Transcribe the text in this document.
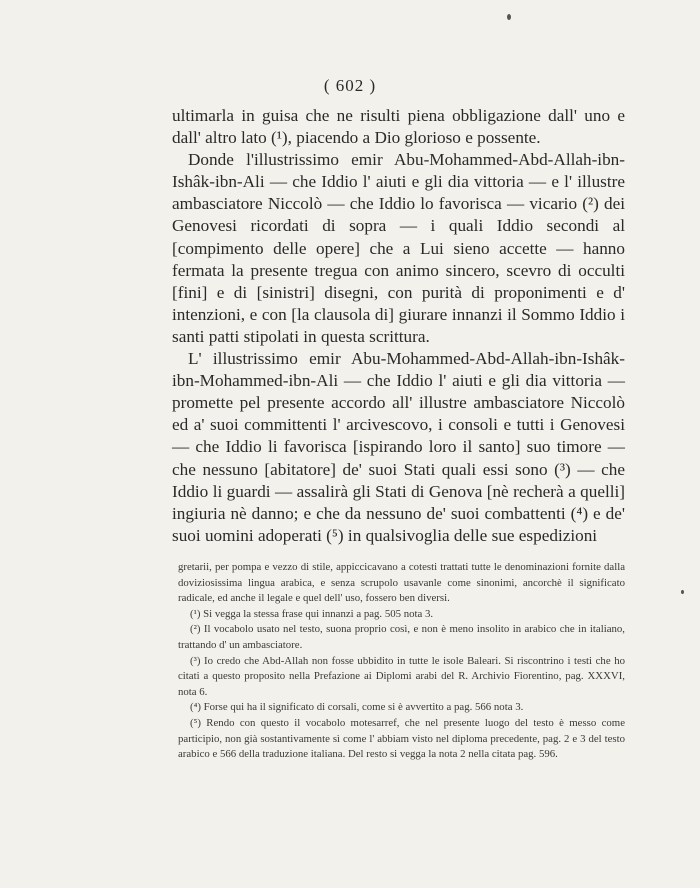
( 602 )

ultimarla in guisa che ne risulti piena obbligazione dall' uno e dall' altro lato (¹), piacendo a Dio glorioso e possente.

Donde l'illustrissimo emir Abu-Mohammed-Abd-Allah-ibn-Ishâk-ibn-Ali — che Iddio l' aiuti e gli dia vittoria — e l' illustre ambasciatore Niccolò — che Iddio lo favorisca — vicario (²) dei Genovesi ricordati di sopra — i quali Iddio secondi al [compimento delle opere] che a Lui sieno accette — hanno fermata la presente tregua con animo sincero, scevro di occulti [fini] e di [sinistri] disegni, con purità di proponimenti e d' intenzioni, e con [la clausola di] giurare innanzi il Sommo Iddio i santi patti stipolati in questa scrittura.

L' illustrissimo emir Abu-Mohammed-Abd-Allah-ibn-Ishâk-ibn-Mohammed-ibn-Ali — che Iddio l' aiuti e gli dia vittoria — promette pel presente accordo all' illustre ambasciatore Niccolò ed a' suoi committenti l' arcivescovo, i consoli e tutti i Genovesi — che Iddio li favorisca [ispirando loro il santo] suo timore — che nessuno [abitatore] de' suoi Stati quali essi sono (³) — che Iddio li guardi — assalirà gli Stati di Genova [nè recherà a quelli] ingiuria nè danno; e che da nessuno de' suoi combattenti (⁴) e de' suoi uomini adoperati (⁵) in qualsivoglia delle sue espedizioni

gretarii, per pompa e vezzo di stile, appiccicavano a cotesti trattati tutte le denominazioni fornite dalla doviziosissima lingua arabica, e senza scrupolo usavanle come sinonimi, ancorchè il significato radicale, ed anche il legale e quel dell' uso, fossero ben diversi.

(¹) Si vegga la stessa frase qui innanzi a pag. 505 nota 3.

(²) Il vocabolo usato nel testo, suona proprio così, e non è meno insolito in arabico che in italiano, trattando d' un ambasciatore.

(³) Io credo che Abd-Allah non fosse ubbidito in tutte le isole Baleari. Si riscontrino i testi che ho citati a questo proposito nella Prefazione ai Diplomi arabi del R. Archivio Fiorentino, pag. XXXVI, nota 6.

(⁴) Forse qui ha il significato di corsali, come si è avvertito a pag. 566 nota 3.

(⁵) Rendo con questo il vocabolo motesarref, che nel presente luogo del testo è messo come participio, non già sostantivamente sì come l' abbiam visto nel diploma precedente, pag. 2 e 3 del testo arabico e 566 della traduzione italiana. Del resto si vegga la nota 2 nella citata pag. 596.
